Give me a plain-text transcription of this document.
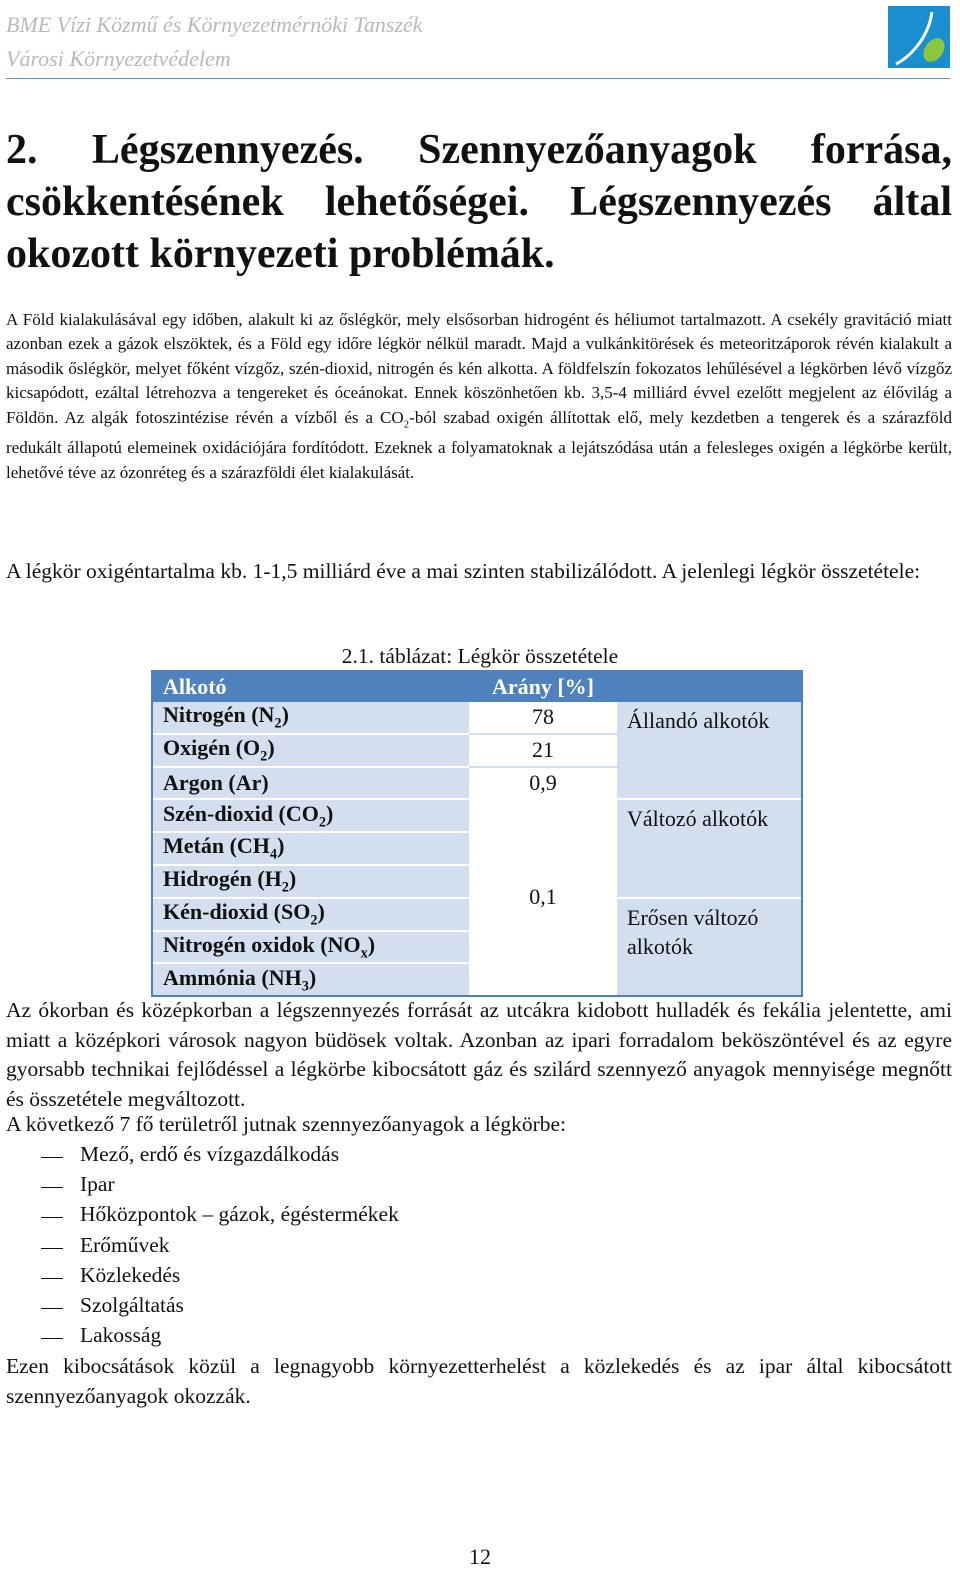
BME Vízi Közmű és Környezetmérnöki Tanszék
Városi Környezetvédelem
2. Légszennyezés. Szennyezőanyagok forrása, csökkentésének lehetőségei. Légszennyezés által okozott környezeti problémák.

A Föld kialakulásával egy időben, alakult ki az őslégkör, mely elsősorban hidrogént és héliumot tartalmazott. A csekély gravitáció miatt azonban ezek a gázok elszöktek, és a Föld egy időre légkör nélkül maradt. Majd a vulkánkitörések és meteoritzáporok révén kialakult a második őslégkör, melyet főként vízgőz, szén-dioxid, nitrogén és kén alkotta. A földfelszín fokozatos lehűlésével a légkörben lévő vízgőz kicsapódott, ezáltal létrehozva a tengereket és óceánokat. Ennek köszönhetően kb. 3,5-4 milliárd évvel ezelőtt megjelent az élővilág a Földön. Az algák fotoszintézise révén a vízből és a $CO_2$-ból szabad oxigén állítottak elő, mely kezdetben a tengerek és a szárazföld redukált állapotú elemeinek oxidációjára fordítódott. Ezeknek a folyamatoknak a lejátszódása után a felesleges oxigén a légkörbe került, lehetővé téve az ózonréteg és a szárazföldi élet kialakulását.

A légkör oxigéntartalma kb. 1-1,5 milliárd éve a mai szinten stabilizálódott. A jelenlegi légkör összetétele:

2.1. táblázat: Légkör összetétele
Alkotó	Arány [%]	
Nitrogén $(N_2)$	78	Állandó alkotók
Oxigén $(O_2)$	21	
Argon (Ar)	0,9	
Szén-dioxid $(CO_2)$	0,1	Változó alkotók
Metán $(CH_4)$		
Hidrogén $(H_2)$		
Kén-dioxid $(SO_2)$		Erősen változó alkotók
Nitrogén oxidok $(NO_x)$		
Ammónia $(NH_3)$		

Az ókorban és középkorban a légszennyezés forrását az utcákra kidobott hulladék és fekália jelentette, ami miatt a középkori városok nagyon büdösek voltak. Azonban az ipari forradalom beköszöntével és az egyre gyorsabb technikai fejlődéssel a légkörbe kibocsátott gáz és szilárd szennyező anyagok mennyisége megnőtt és összetétele megváltozott.

A következő 7 fő területről jutnak szennyezőanyagok a légkörbe:
Mező, erdő és vízgazdálkodás
Ipar
Hőközpontok – gázok, égéstermékek
Erőművek
Közlekedés
Szolgáltatás
Lakosság

Ezen kibocsátások közül a legnagyobb környezetterhelést a közlekedés és az ipar által kibocsátott szennyezőanyagok okozzák.

12
